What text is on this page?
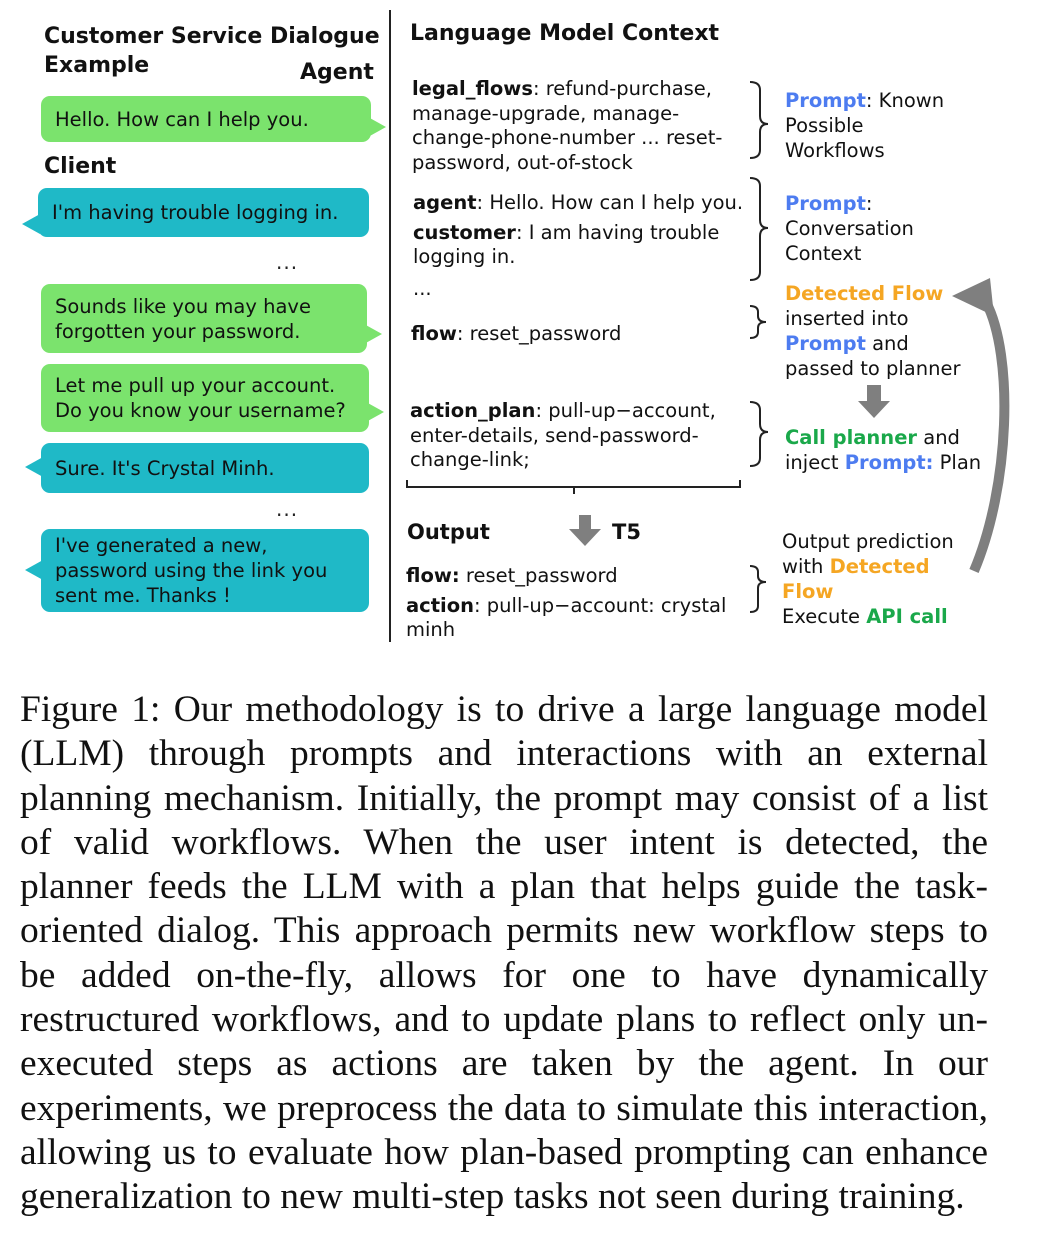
Customer Service Dialogue
Example	Agent
Hello. How can I help you.
Client
I'm having trouble logging in.
...
Sounds like you may have
forgotten your password.
Let me pull up your account.
Do you know your username?
Sure. It's Crystal Minh.
...
I've generated a new,
password using the link you
sent me. Thanks !
Language Model Context
legal_flows: refund-purchase,
manage-upgrade, manage-
change-phone-number ... reset-
password, out-of-stock
agent: Hello. How can I help you.
customer: I am having trouble
logging in.
...
flow: reset_password
action_plan: pull-up−account,
enter-details, send-password-
change-link;
Output	T5
flow: reset_password
action: pull-up−account: crystal
minh
Prompt: Known
Possible
Workflows
Prompt:
Conversation
Context
Detected Flow
inserted into
Prompt and
passed to planner
Call planner and
inject Prompt: Plan
Output prediction
with Detected
Flow
Execute API call

Figure 1: Our methodology is to drive a large language model (LLM) through prompts and interactions with an external planning mechanism. Initially, the prompt may consist of a list of valid workflows. When the user intent is detected, the planner feeds the LLM with a plan that helps guide the task-oriented dialog. This approach permits new workflow steps to be added on-the-fly, allows for one to have dynamically restructured workflows, and to update plans to reflect only un-executed steps as actions are taken by the agent. In our experiments, we preprocess the data to simulate this interaction, allowing us to evaluate how plan-based prompting can enhance generalization to new multi-step tasks not seen during training.
